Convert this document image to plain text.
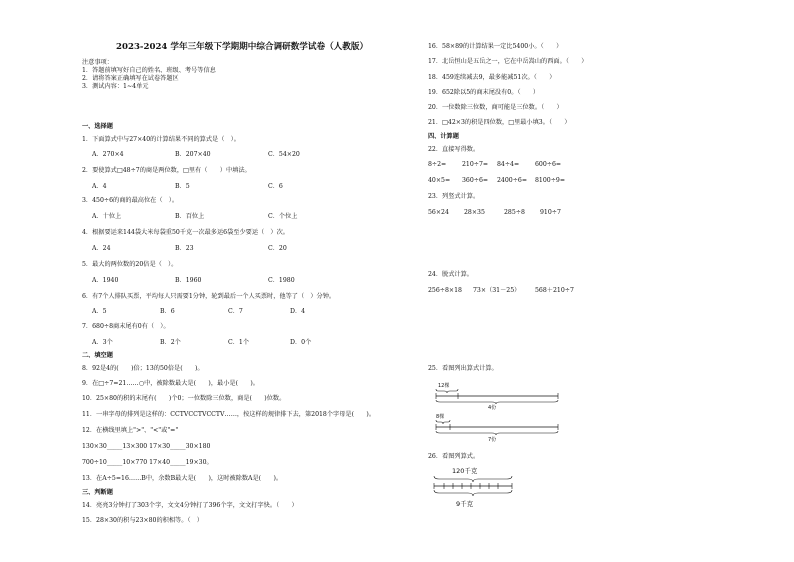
2023-2024 学年三年级下学期期中综合调研数学试卷（人教版）
注意事项：
1．答题前填写好自己的姓名、班级、考号等信息
2．请将答案正确填写在试卷答题区
3．测试内容：1~4单元
一、选择题
1．下面算式中与27×40的计算结果不同的算式是（　）。
A．270×4	B．207×40	C．54×20
2．要使算式□48÷7的商是两位数，□里有（　　）中填法。
A．4	B．5	C．6
3．450÷6的商的最高位在（　）。
A．十位上	B．百位上	C．个位上
4．根据要运来144袋大米每袋重50千克一次最多运6袋至少要运（　）次。
A．24	B．23	C．20
5．最大的两位数的20倍是（　）。
A．1940	B．1960	C．1980
6．有7个人排队买票，平均每人只需要1分钟，轮到最后一个人买票时，他等了（　）分钟。
A．5	B．6	C．7	D．4
7．680÷8商末尾有0有（　）。
A．3个	B．2个	C．1个	D．0个
二、填空题
8．92是4的(　　)倍；13的50倍是(　　)。
9．在□÷7=21……○中，被除数最大是(　　)，最小是(　　)。
10．25×80的积的末尾有(　　)个0；一位数除三位数，商是(　　)位数。
11．一串字母的排列是这样的：CCTVCCTVCCTV……，按这样的规律排下去，第2018个字母是(　　)。
12．在横线里填上">"、"<"或"="
130×30_____13×300 17×30_____30×180
700÷10_____10×770 17×40_____19×30。
13．在A÷5=16……B中，余数B最大是(　　)，这时被除数A是(　　)。
三、判断题
14．亮亮3分钟打了303个字，文文4分钟打了396个字，文文打字快。（　　）
15．28×30的积与23×80的积相等。（　）
16．58×89的计算结果一定比5400小。（　　）
17．北岳恒山是五岳之一，它在中岳嵩山的西面。（　　）
18．459连续减去9，最多能减51次。（　　）
19．652除以5的商末尾没有0。（　　）
20．一位数除三位数，商可能是三位数。（　　）
21．□42×3的积是四位数，□里最小填3。（　　）
四、计算题
22．直接写得数。
8÷2=	210÷7= 84÷4=	600÷6=
40×5= 360÷6= 2400÷6= 8100÷9=
23．列竖式计算。
56×24 28×35	285÷8 910÷7
24．脱式计算。
256÷8×18 73×（31－25） 568＋210÷7
25．看图列出算式计算。
12棵
4份
8棵
7份
26．看图列算式。
120千克
9千克
